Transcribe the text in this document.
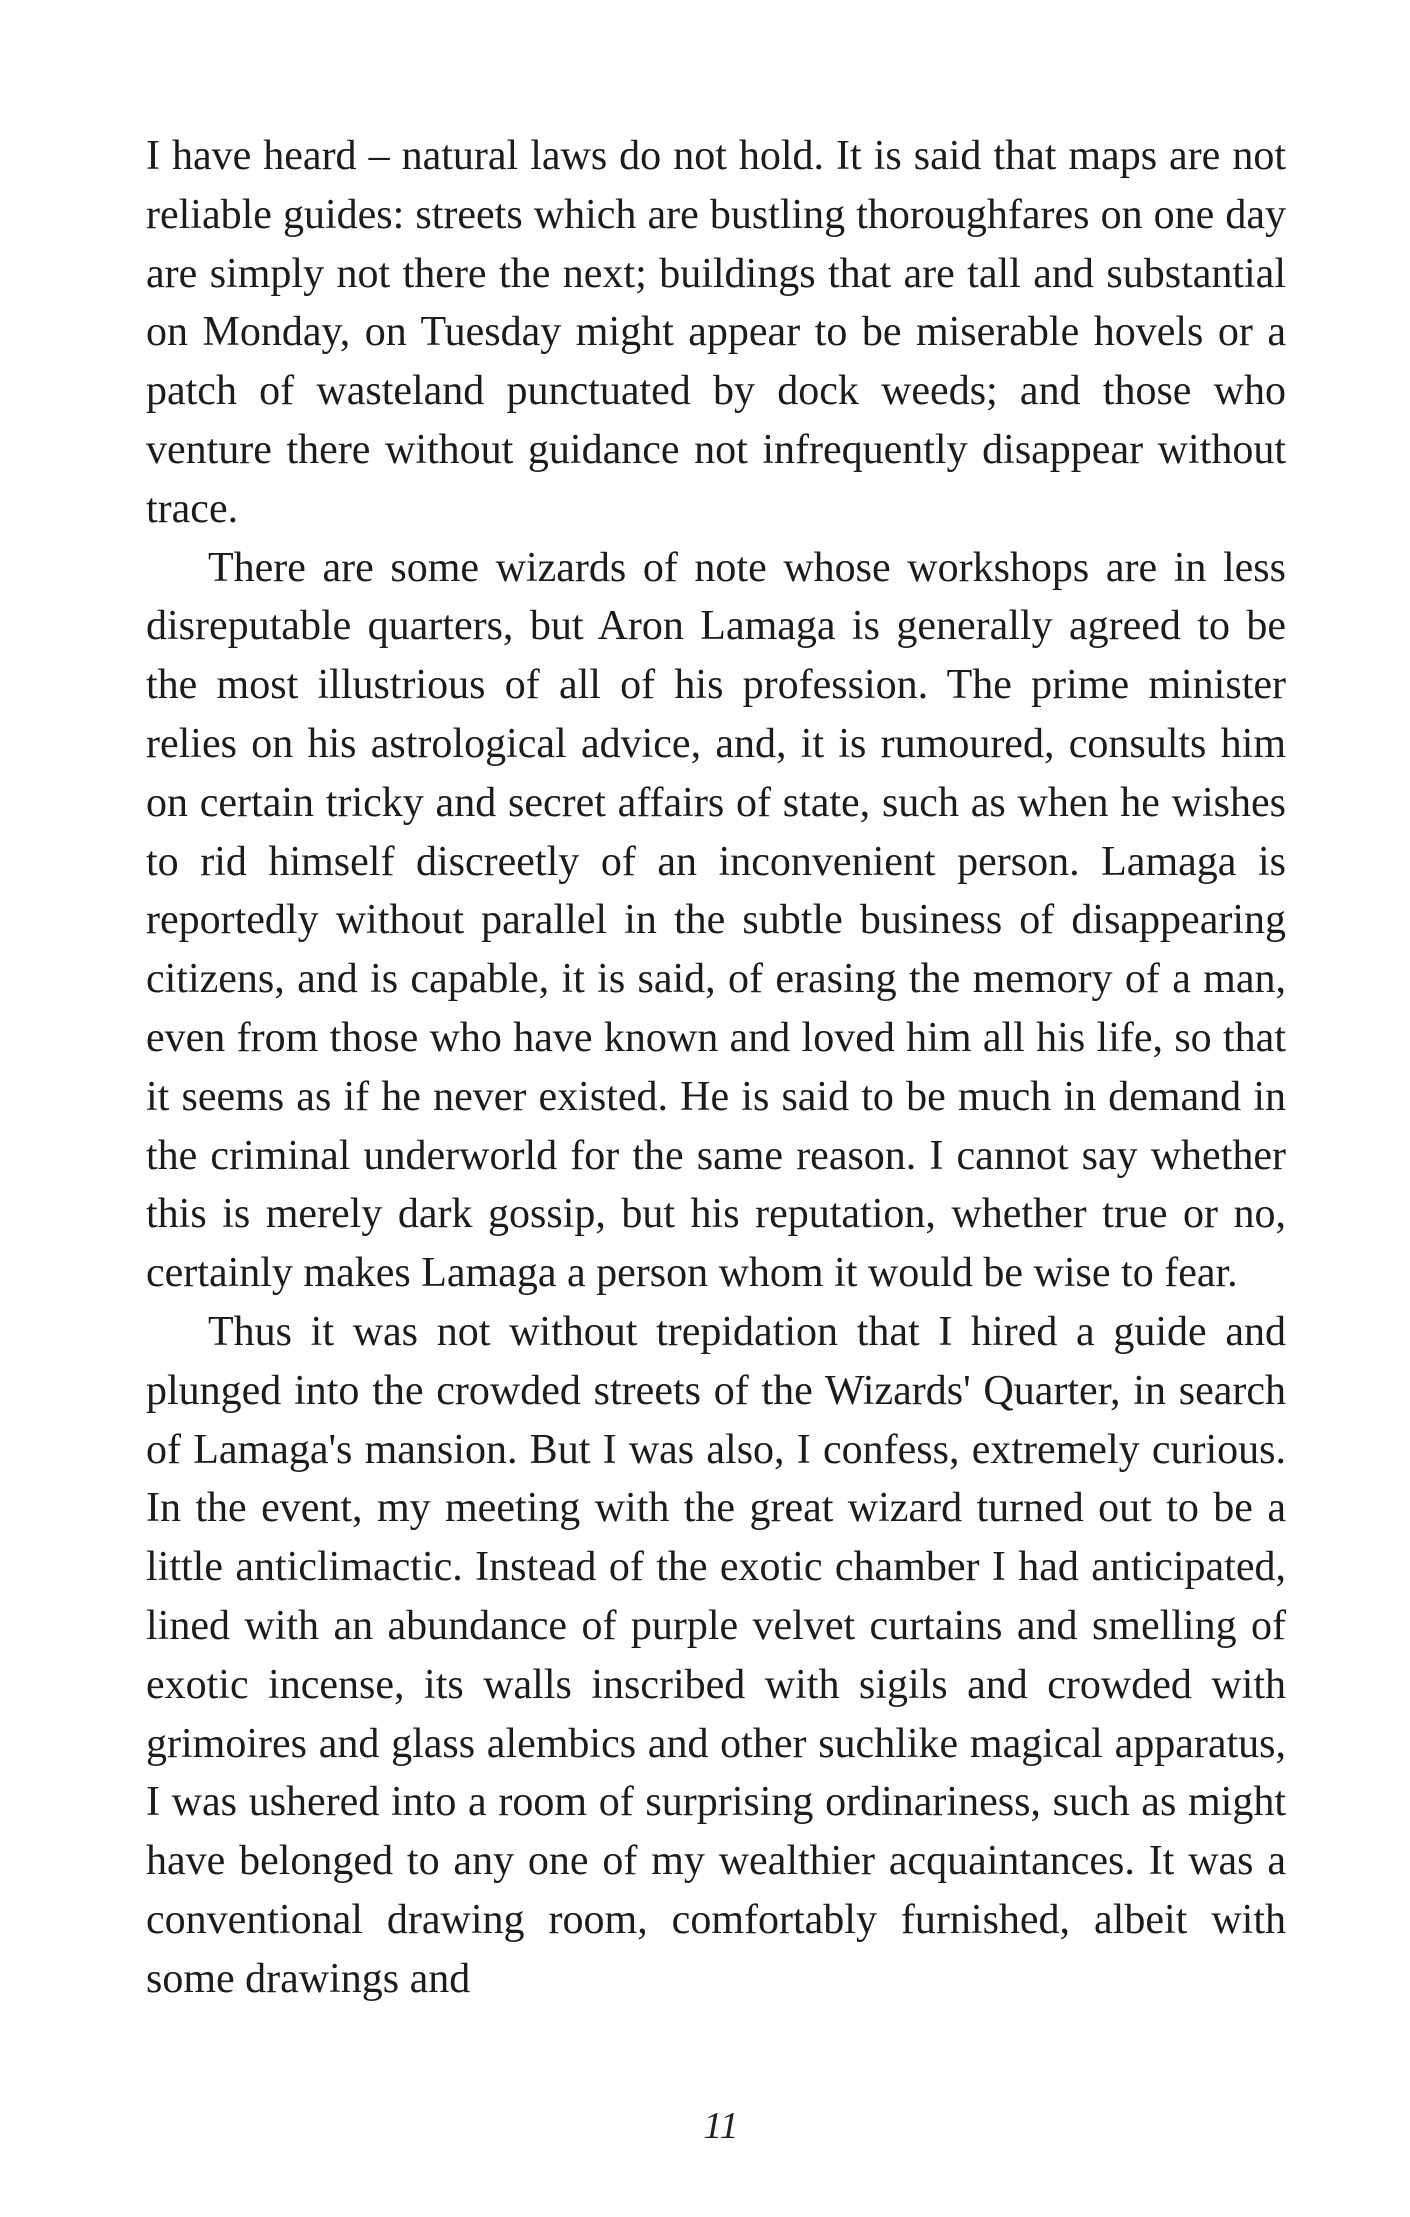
I have heard – natural laws do not hold. It is said that maps are not reliable guides: streets which are bustling thoroughfares on one day are simply not there the next; buildings that are tall and substantial on Monday, on Tuesday might appear to be miserable hovels or a patch of wasteland punctuated by dock weeds; and those who venture there without guidance not infrequently disappear without trace.

There are some wizards of note whose workshops are in less disreputable quarters, but Aron Lamaga is generally agreed to be the most illustrious of all of his profession. The prime minister relies on his astrological advice, and, it is rumoured, consults him on certain tricky and secret affairs of state, such as when he wishes to rid himself discreetly of an inconvenient person. Lamaga is reportedly without parallel in the subtle business of disappearing citizens, and is capable, it is said, of erasing the memory of a man, even from those who have known and loved him all his life, so that it seems as if he never existed. He is said to be much in demand in the criminal underworld for the same reason. I cannot say whether this is merely dark gossip, but his reputation, whether true or no, certainly makes Lamaga a person whom it would be wise to fear.

Thus it was not without trepidation that I hired a guide and plunged into the crowded streets of the Wizards' Quarter, in search of Lamaga's mansion. But I was also, I confess, extremely curious. In the event, my meeting with the great wizard turned out to be a little anticlimactic. Instead of the exotic chamber I had anticipated, lined with an abundance of purple velvet curtains and smelling of exotic incense, its walls inscribed with sigils and crowded with grimoires and glass alembics and other suchlike magical apparatus, I was ushered into a room of surprising ordinariness, such as might have belonged to any one of my wealthier acquaintances. It was a conventional drawing room, comfortably furnished, albeit with some drawings and

11
